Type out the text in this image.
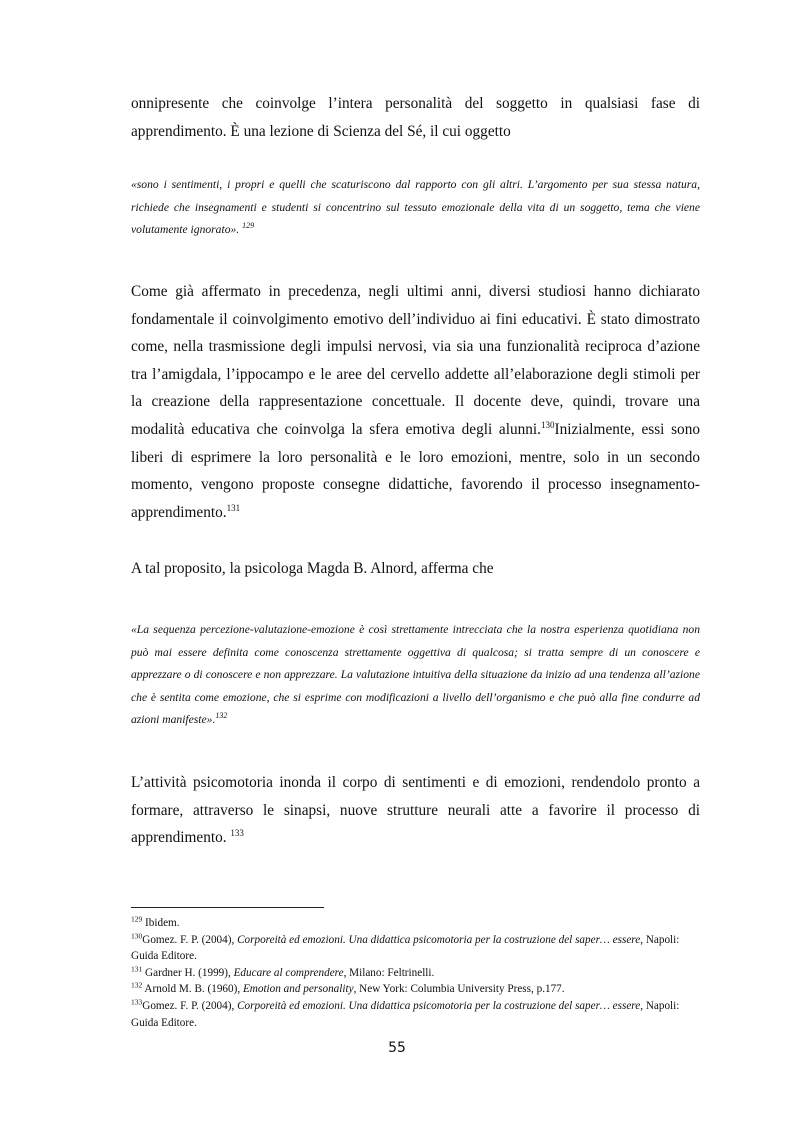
onnipresente che coinvolge l’intera personalità del soggetto in qualsiasi fase di apprendimento. È una lezione di Scienza del Sé, il cui oggetto

«sono i sentimenti, i propri e quelli che scaturiscono dal rapporto con gli altri. L’argomento per sua stessa natura, richiede che insegnamenti e studenti si concentrino sul tessuto emozionale della vita di un soggetto, tema che viene volutamente ignorato». $^{129}$

Come già affermato in precedenza, negli ultimi anni, diversi studiosi hanno dichiarato fondamentale il coinvolgimento emotivo dell’individuo ai fini educativi. È stato dimostrato come, nella trasmissione degli impulsi nervosi, via sia una funzionalità reciproca d’azione tra l’amigdala, l’ippocampo e le aree del cervello addette all’elaborazione degli stimoli per la creazione della rappresentazione concettuale. Il docente deve, quindi, trovare una modalità educativa che coinvolga la sfera emotiva degli alunni.$^{130}$Inizialmente, essi sono liberi di esprimere la loro personalità e le loro emozioni, mentre, solo in un secondo momento, vengono proposte consegne didattiche, favorendo il processo insegnamento-apprendimento.$^{131}$

A tal proposito, la psicologa Magda B. Alnord, afferma che

«La sequenza percezione-valutazione-emozione è così strettamente intrecciata che la nostra esperienza quotidiana non può mai essere definita come conoscenza strettamente oggettiva di qualcosa; si tratta sempre di un conoscere e apprezzare o di conoscere e non apprezzare. La valutazione intuitiva della situazione da inizio ad una tendenza all’azione che è sentita come emozione, che si esprime con modificazioni a livello dell’organismo e che può alla fine condurre ad azioni manifeste».$^{132}$

L’attività psicomotoria inonda il corpo di sentimenti e di emozioni, rendendolo pronto a formare, attraverso le sinapsi, nuove strutture neurali atte a favorire il processo di apprendimento. $^{133}$

$^{129}$ Ibidem.
$^{130}$Gomez. F. P. (2004), Corporeità ed emozioni. Una didattica psicomotoria per la costruzione del saper… essere, Napoli: Guida Editore.
$^{131}$ Gardner H. (1999), Educare al comprendere, Milano: Feltrinelli.
$^{132}$ Arnold M. B. (1960), Emotion and personality, New York: Columbia University Press, p.177.
$^{133}$Gomez. F. P. (2004), Corporeità ed emozioni. Una didattica psicomotoria per la costruzione del saper… essere, Napoli: Guida Editore.
55
